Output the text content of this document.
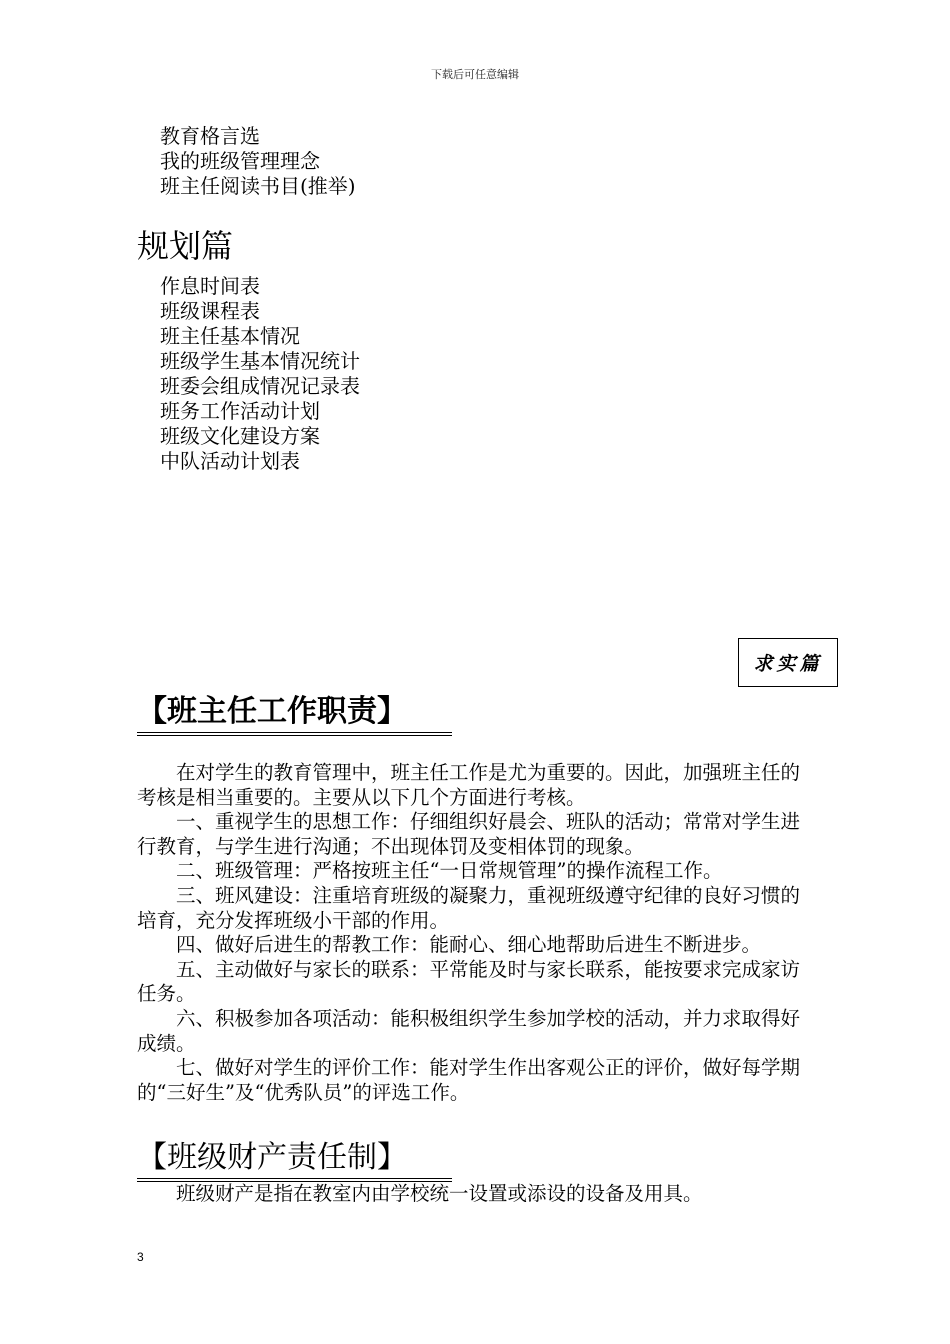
下载后可任意编辑
教育格言选
我的班级管理理念
班主任阅读书目(推举)
规划篇
作息时间表
班级课程表
班主任基本情况
班级学生基本情况统计
班委会组成情况记录表
班务工作活动计划
班级文化建设方案
中队活动计划表
求实篇
【班主任工作职责】

在对学生的教育管理中，班主任工作是尤为重要的。因此，加强班主任的考核是相当重要的。主要从以下几个方面进行考核。

一、重视学生的思想工作：仔细组织好晨会、班队的活动；常常对学生进行教育，与学生进行沟通；不出现体罚及变相体罚的现象。

二、班级管理：严格按班主任“一日常规管理”的操作流程工作。

三、班风建设：注重培育班级的凝聚力，重视班级遵守纪律的良好习惯的培育，充分发挥班级小干部的作用。

四、做好后进生的帮教工作：能耐心、细心地帮助后进生不断进步。

五、主动做好与家长的联系：平常能及时与家长联系，能按要求完成家访任务。

六、积极参加各项活动：能积极组织学生参加学校的活动，并力求取得好成绩。

七、做好对学生的评价工作：能对学生作出客观公正的评价，做好每学期的“三好生”及“优秀队员”的评选工作。

【班级财产责任制】

班级财产是指在教室内由学校统一设置或添设的设备及用具。

3
